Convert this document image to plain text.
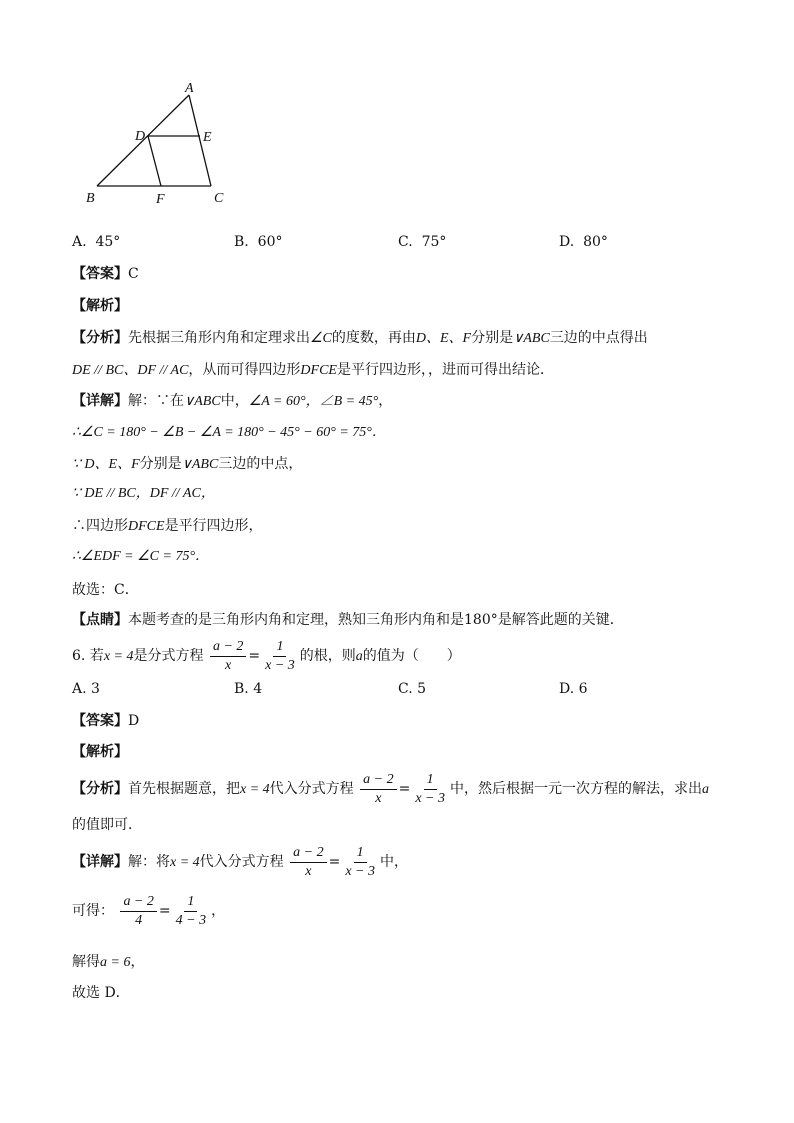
A
D	E
B	F	C
A. 45°	B. 60°	C. 75°	D. 80°
【答案】C
【解析】
【分析】先根据三角形内角和定理求出∠C的度数，再由D、E、F分别是∨ABC三边的中点得出
DE // BC、DF // AC，从而可得四边形DFCE是平行四边形，，进而可得出结论．
【详解】解：∵在∨ABC中，∠A = 60°，∠B = 45°，
∴∠C = 180° − ∠B − ∠A = 180° − 45° − 60° = 75°．
∵ D、E、F分别是∨ABC三边的中点，
∵ DE // BC，DF // AC，
∴四边形DFCE是平行四边形，
∴∠EDF = ∠C = 75°．
故选：C．
【点睛】本题考查的是三角形内角和定理，熟知三角形内角和是180°是解答此题的关键．
6. 若x = 4是分式方程 $\frac{a - 2}{x} = \frac{1}{x - 3}$ 的根，则a的值为（　　）
A. 3	B. 4	C. 5	D. 6
【答案】D
【解析】
【分析】首先根据题意，把x = 4代入分式方程 $\frac{a - 2}{x} = \frac{1}{x - 3}$ 中，然后根据一元一次方程的解法，求出a
的值即可．
【详解】解：将x = 4代入分式方程 $\frac{a - 2}{x} = \frac{1}{x - 3}$ 中，
可得： $\frac{a - 2}{4} = \frac{1}{4 - 3}$ ，
解得a = 6，
故选 D．
